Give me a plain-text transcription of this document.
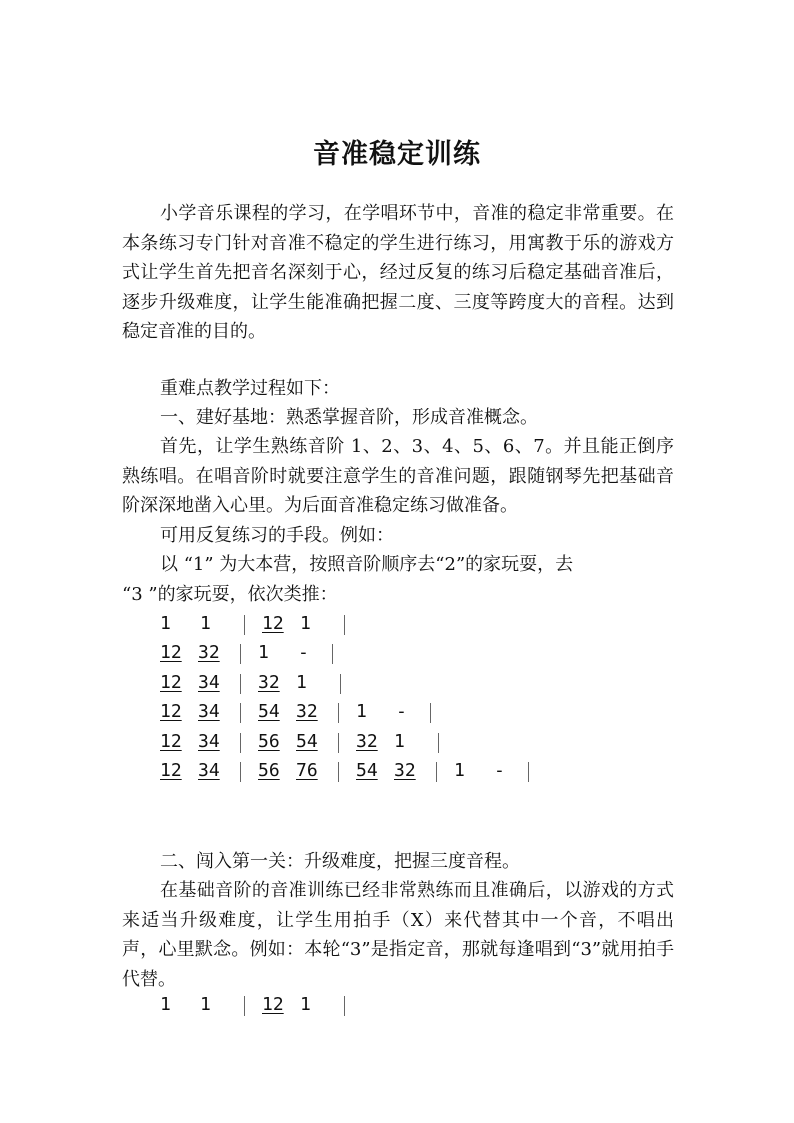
音准稳定训练

小学音乐课程的学习，在学唱环节中，音准的稳定非常重要。在本条练习专门针对音准不稳定的学生进行练习，用寓教于乐的游戏方式让学生首先把音名深刻于心，经过反复的练习后稳定基础音准后，逐步升级难度，让学生能准确把握二度、三度等跨度大的音程。达到稳定音准的目的。

重难点教学过程如下：
一、建好基地：熟悉掌握音阶，形成音准概念。

首先，让学生熟练音阶 1、2、3、4、5、6、7。并且能正倒序熟练唱。在唱音阶时就要注意学生的音准问题，跟随钢琴先把基础音阶深深地凿入心里。为后面音准稳定练习做准备。

可用反复练习的手段。例如：
以 “1” 为大本营，按照音阶顺序去“2”的家玩耍，去
“3 ”的家玩耍，依次类推：
1 1	12 1
12 32 1 -
12 34 32 1
12 34 54 32 1 -
12 34 56 54 32 1
12 34 56 76 54 32 1 -
二、闯入第一关：升级难度，把握三度音程。

在基础音阶的音准训练已经非常熟练而且准确后，以游戏的方式来适当升级难度，让学生用拍手（X）来代替其中一个音，不唱出声，心里默念。例如：本轮“3”是指定音，那就每逢唱到“3”就用拍手代替。

1 1	12 1
